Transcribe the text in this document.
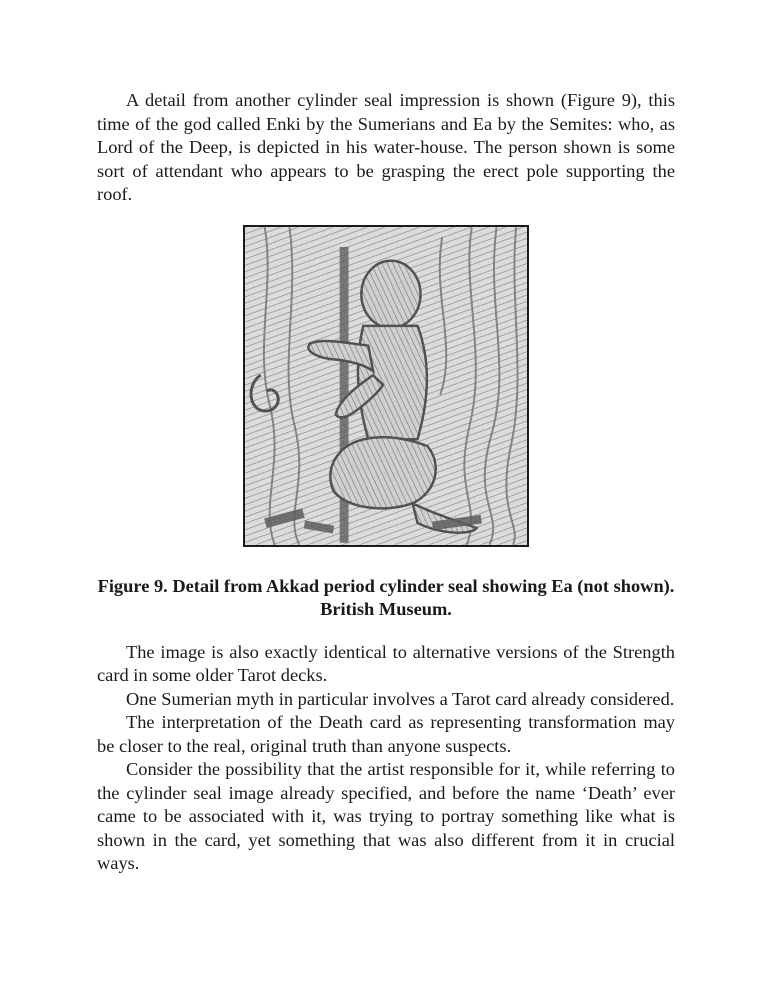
A detail from another cylinder seal impression is shown (Figure 9), this time of the god called Enki by the Sumerians and Ea by the Semites: who, as Lord of the Deep, is depicted in his water-house. The person shown is some sort of attendant who appears to be grasping the erect pole supporting the roof.

Figure 9. Detail from Akkad period cylinder seal showing Ea (not shown). British Museum.

The image is also exactly identical to alternative versions of the Strength card in some older Tarot decks.

One Sumerian myth in particular involves a Tarot card already considered.

The interpretation of the Death card as representing transformation may be closer to the real, original truth than anyone suspects.

Consider the possibility that the artist responsible for it, while referring to the cylinder seal image already specified, and before the name ‘Death’ ever came to be associated with it, was trying to portray something like what is shown in the card, yet something that was also different from it in crucial ways.
